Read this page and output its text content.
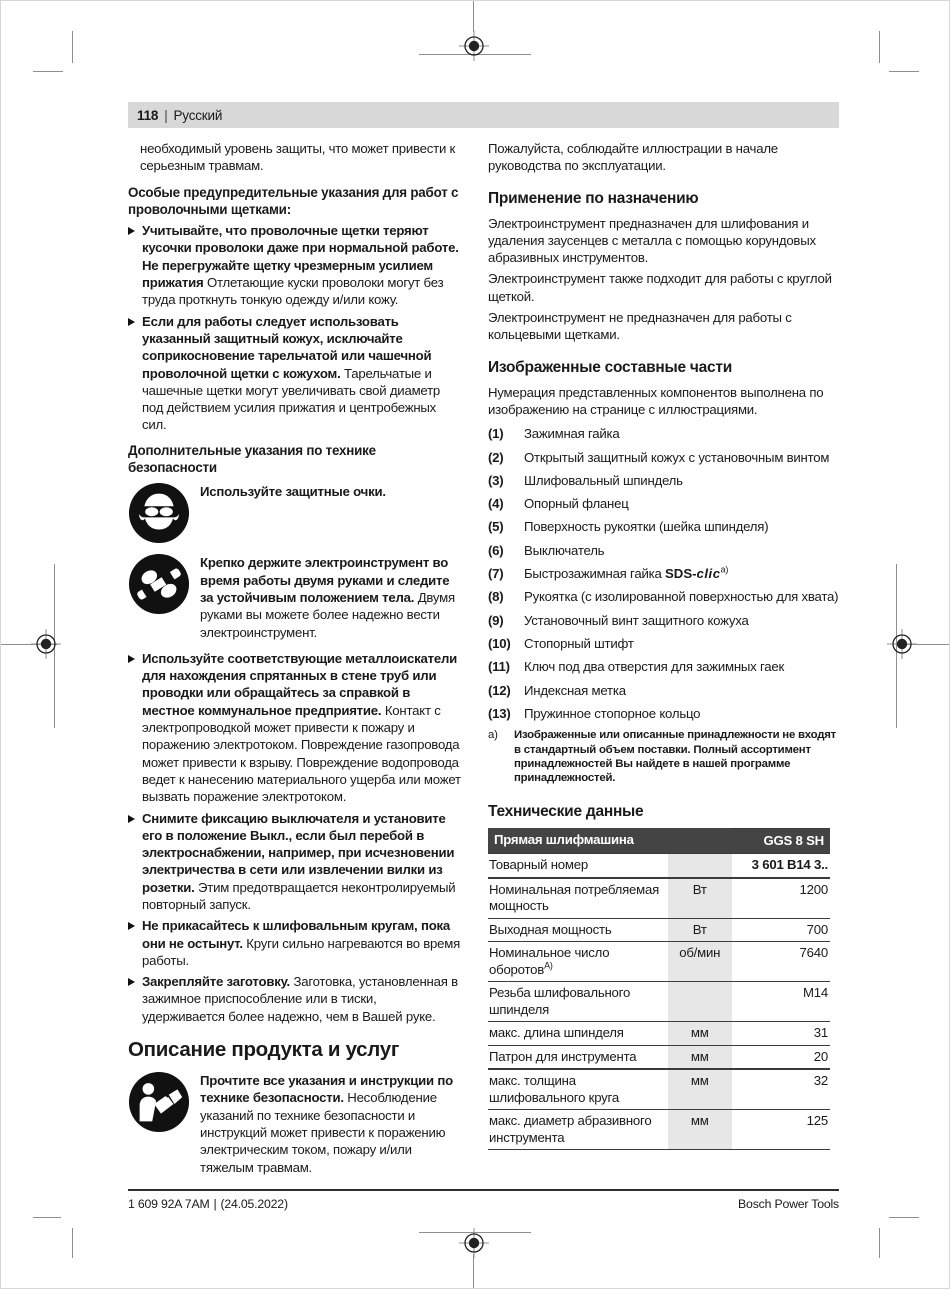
118 | Русский

необходимый уровень защиты, что может привести к серьезным травмам.

Особые предупредительные указания для работ с проволочными щетками:
Учитывайте, что проволочные щетки теряют кусочки проволоки даже при нормальной работе. Не перегружайте щетку чрезмерным усилием прижатия Отлетающие куски проволоки могут без труда проткнуть тонкую одежду и/или кожу.
Если для работы следует использовать указанный защитный кожух, исключайте соприкосновение тарельчатой или чашечной проволочной щетки с кожухом. Тарельчатые и чашечные щетки могут увеличивать свой диаметр под действием усилия прижатия и центробежных сил.
Дополнительные указания по технике безопасности
Используйте защитные очки.
Крепко держите электроинструмент во время работы двумя руками и следите за устойчивым положением тела. Двумя руками вы можете более надежно вести электроинструмент.
Используйте соответствующие металлоискатели для нахождения спрятанных в стене труб или проводки или обращайтесь за справкой в местное коммунальное предприятие. Контакт с электропроводкой может привести к пожару и поражению электротоком. Повреждение газопровода может привести к взрыву. Повреждение водопровода ведет к нанесению материального ущерба или может вызвать поражение электротоком.
Снимите фиксацию выключателя и установите его в положение Выкл., если был перебой в электроснабжении, например, при исчезновении электричества в сети или извлечении вилки из розетки. Этим предотвращается неконтролируемый повторный запуск.
Не прикасайтесь к шлифовальным кругам, пока они не остынут. Круги сильно нагреваются во время работы.
Закрепляйте заготовку. Заготовка, установленная в зажимное приспособление или в тиски, удерживается более надежно, чем в Вашей руке.
Описание продукта и услуг
Прочтите все указания и инструкции по технике безопасности. Несоблюдение указаний по технике безопасности и инструкций может привести к поражению электрическим током, пожару и/или тяжелым травмам.

Пожалуйста, соблюдайте иллюстрации в начале руководства по эксплуатации.

Применение по назначению

Электроинструмент предназначен для шлифования и удаления заусенцев с металла с помощью корундовых абразивных инструментов.

Электроинструмент также подходит для работы с круглой щеткой.

Электроинструмент не предназначен для работы с кольцевыми щетками.

Изображенные составные части

Нумерация представленных компонентов выполнена по изображению на странице с иллюстрациями.

(1)	Зажимная гайка
(2)	Открытый защитный кожух с установочным винтом
(3)	Шлифовальный шпиндель
(4)	Опорный фланец
(5)	Поверхность рукоятки (шейка шпинделя)
(6)	Выключатель
(7)	Быстрозажимная гайка SDS-clic$^{a)}$
(8)	Рукоятка (с изолированной поверхностью для хвата)
(9)	Установочный винт защитного кожуха
(10)	Стопорный штифт
(11)	Ключ под два отверстия для зажимных гаек
(12)	Индексная метка
(13)	Пружинное стопорное кольцо
a)	Изображенные или описанные принадлежности не входят в стандартный объем поставки. Полный ассортимент принадлежностей Вы найдете в нашей программе принадлежностей.
Технические данные
Прямая шлифмашина		GGS 8 SH
Товарный номер		3 601 B14 3..
Номинальная потребляемая мощность	Вт	1200
Выходная мощность	Вт	700
Номинальное число оборотов$^{A)}$	об/мин	7640
Резьба шлифовального шпинделя		M14
макс. длина шпинделя	мм	31
Патрон для инструмента	мм	20
макс. толщина шлифовального круга	мм	32
макс. диаметр абразивного инструмента	мм	125
1 609 92A 7AM | (24.05.2022)	Bosch Power Tools
